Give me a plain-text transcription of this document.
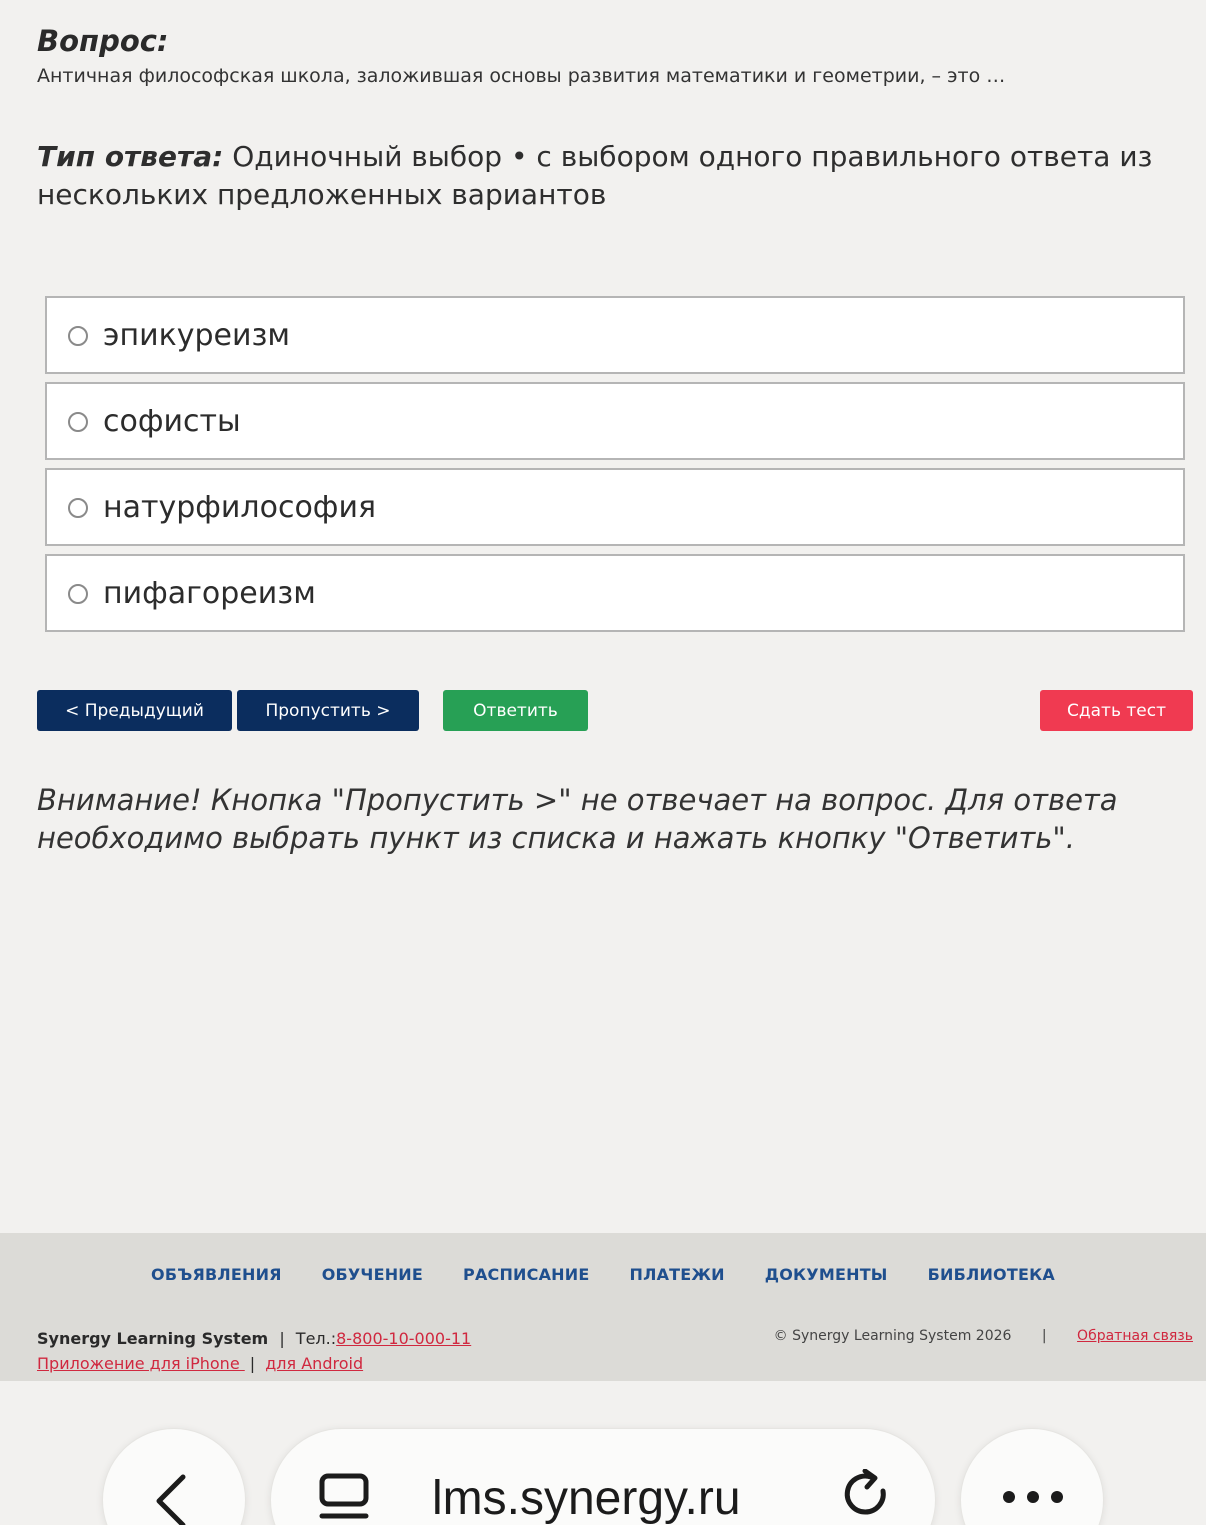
Вопрос:
Античная философская школа, заложившая основы развития математики и геометрии, – это …
Тип ответа: Одиночный выбор • с выбором одного правильного ответа из нескольких предложенных вариантов
эпикуреизм
софисты
натурфилософия
пифагореизм
< Предыдущий	Пропустить >	Ответить	Сдать тест
Внимание! Кнопка "Пропустить >" не отвечает на вопрос. Для ответа необходимо выбрать пункт из списка и нажать кнопку "Ответить".
ОБЪЯВЛЕНИЯ	ОБУЧЕНИЕ	РАСПИСАНИЕ	ПЛАТЕЖИ	ДОКУМЕНТЫ	БИБЛИОТЕКА
Synergy Learning System | Тел.:8-800-10-000-11
Приложение для iPhone | для Android
© Synergy Learning System 2026 | Обратная связь
lms.synergy.ru
